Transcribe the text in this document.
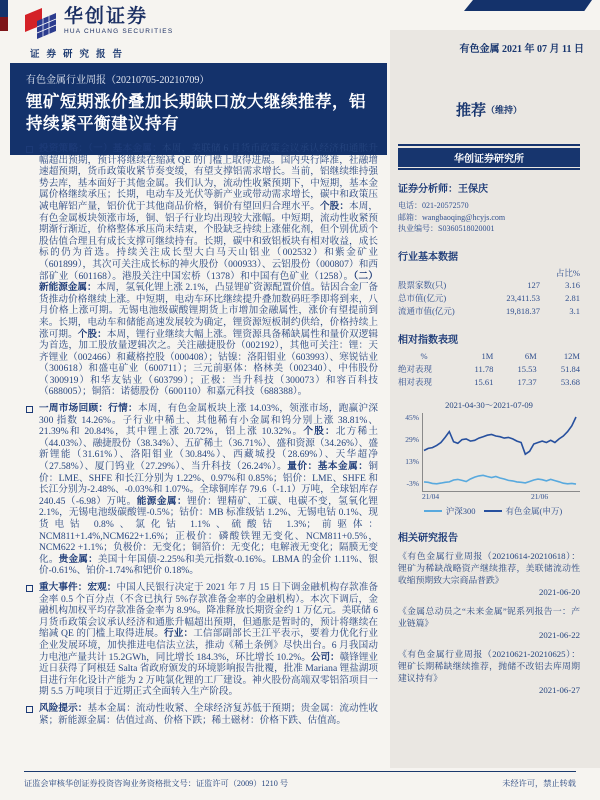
华创证券
HUA CHUANG SECURITIES
证券研究报告	有色金属 2021 年 07 月 11 日
有色金属行业周报（20210705-20210709）
锂矿短期涨价叠加长期缺口放大继续推荐，铝持续紧平衡建议持有
推荐 （维持）
投资策略：（一）基本金属：本周，美联储 6 月货币政策会议承认经济和通胀升幅超出预期，预计将继续在缩减 QE 的门槛上取得进展。国内央行降准，社融增速超预期，货币政策收紧节奏变缓，有望支撑铝需求增长。当前，铝继续维持强势去库，基本面好于其他金属。我们认为，流动性收紧预期下，中短期，基本金属价格继续承压；长期，电动车及光伏等新产业或带动需求增长，碳中和政策压减电解铝产量，铝价优于其他商品价格，铜价有望回归合理水平。个股：本周，有色金属板块领涨市场，铜、铝子行业均出现较大涨幅。中短期，流动性收紧预期渐行渐近，价格整体承压尚未结束，个股缺乏持续上涨催化剂，但个别优质个股估值合理且有成长支撑可继续持有。长期，碳中和致铝板块有相对收益，成长标的仍为首选。持续关注成长型大白马天山铝业（002532）和紫金矿业（601899），其次可关注成长标的神火股份（000933）、云铝股份（000807）和西部矿业（601168）。港股关注中国宏桥（1378）和中国有色矿业（1258）。（二）新能源金属：本周，氢氧化锂上涨 2.1%，凸显锂矿资源配置价值。钴因合金厂备货推动价格继续上涨。中短期，电动车环比继续提升叠加数码旺季即将到来，八月价格上涨可期。无锡电池级碳酸锂期货上市增加金融属性，涨价有望提前到来。长期，电动车和储能高速发展较为确定，锂资源短板制约供给，价格持续上涨可期。个股：本周，锂行业继续大幅上涨。锂资源具备稀缺属性和量价双逻辑为首选，加工股放量逻辑次之。关注融捷股份（002192），其他可关注：锂：天齐锂业（002466）和藏格控股（000408）；钴镍：洛阳钼业（603993）、寒锐钴业（300618）和盛屯矿业（600711）；三元前驱体：格林美（002340）、中伟股份（300919）和华友钴业（603799）；正极：当升科技（300073）和容百科技（688005）；铜箔：诺德股份（600110）和嘉元科技（688388）。
一周市场回顾：行情：本周，有色金属板块上涨 14.03%，领涨市场，跑赢沪深 300 指数 14.26%。子行业中稀土、其他稀有小金属和钨分别上涨 38.81%、21.39%和 20.84%，其中锂上涨 20.72%，铝上涨 10.32%。个股：北方稀土（44.03%）、融捷股份（38.34%）、五矿稀土（36.71%）、盛和资源（34.26%）、盛新锂能（31.61%）、洛阳钼业（30.84%）、西藏城投（28.69%）、天华超净（27.58%）、厦门钨业（27.29%）、当升科技（26.24%）。量价：基本金属：铜价：LME、SHFE 和长江分别为 1.22%、0.97%和 0.85%；铝价：LME、SHFE 和长江分别为-2.48%、-0.03%和 1.07%。全球铜库存 79.6（-1.1）万吨，全球铝库存 240.45（-6.98）万吨。能源金属：锂价：锂精矿、工碳、电碳不变，氢氧化锂 2.1%，无锡电池级碳酸锂-0.5%；钴价：MB 标准级钴 1.2%、无锡电钴 0.1%、现货电钴 0.8%、氯化钴 1.1%、硫酸钴 1.3%；前驱体：NCM811+1.4%,NCM622+1.6%；正极价：磷酸铁锂无变化、NCM811+0.5%，NCM622 +1.1%；负极价：无变化；铜箔价：无变化；电解液无变化；隔膜无变化。贵金属：美国十年国债-2.25%和美元指数-0.16%。LBMA 的金价 1.11%、银价-0.61%、铂价-1.74%和钯价 0.18%。
重大事件：宏观：中国人民银行决定于 2021 年 7 月 15 日下调金融机构存款准备金率 0.5 个百分点（不含已执行 5%存款准备金率的金融机构）。本次下调后，金融机构加权平均存款准备金率为 8.9%。降准释放长期资金约 1 万亿元。美联储 6 月货币政策会议承认经济和通胀升幅超出预期，但通胀是暂时的，预计将继续在缩减 QE 的门槛上取得进展。行业：工信部副部长王江平表示，要着力优化行业企业发展环境，加快推进电信法立法，推动《稀土条例》尽快出台。6 月我国动力电池产量共计 15.2GWh，同比增长 184.3%，环比增长 10.2%。公司：赣锋锂业近日获得了阿根廷 Salta 省政府颁发的环境影响报告批覆，批准 Mariana 锂盐湖项目进行年化设计产能为 2 万吨氯化锂的工厂建设。神火股份高端双零铝箔项目一期 5.5 万吨项目于近期正式全面转入生产阶段。
风险提示：基本金属：流动性收紧、全球经济复苏低于预期；贵金属：流动性收紧；新能源金属：估值过高、价格下跌；稀土磁材：价格下跌、估值高。
华创证券研究所
证券分析师：王保庆
电话：021-20572570
邮箱：wangbaoqing@hcyjs.com
执业编号：S0360518020001
行业基本数据
占比%
股票家数(只)	127	3.16
总市值(亿元)	23,411.53	2.81
流通市值(亿元)	19,818.37	3.1
相对指数表现
%	1M	6M	12M
绝对表现	11.78	15.53	51.84
相对表现	15.61	17.37	53.68
2021-04-30～2021-07-09
45%
29%
13%
-3%
21/04	21/06
沪深300	有色金属(申万)
相关研究报告
《有色金属行业周报（20210614-20210618）：锂矿为稀缺战略资产继续推荐，美联储流动性收缩预期致大宗商品普跌》
2021-06-20
《金属总动员之“未来金属”铌系列报告一：产业链篇》
2021-06-22
《有色金属行业周报（20210621-20210625）：锂矿长期稀缺继续推荐，抛储不改铝去库周期建议持有》
2021-06-27
证监会审核华创证券投资咨询业务资格批文号：证监许可（2009）1210 号	未经许可，禁止转载
